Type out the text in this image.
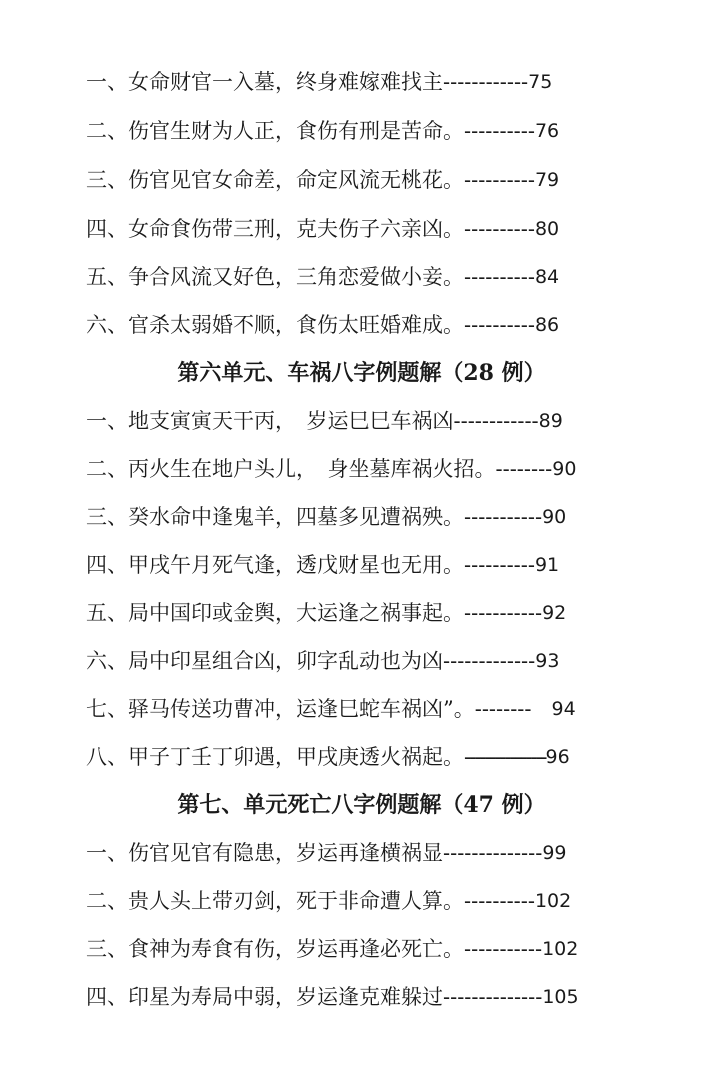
一、 女命财官一入墓，终身难嫁难找主 ------------ 75
二、 伤官生财为人正，食伤有刑是苦命。 ---------- 76
三、 伤官见官女命差，命定风流无桃花。 ---------- 79
四、 女命食伤带三刑，克夫伤子六亲凶。 ---------- 80
五、 争合风流又好色，三角恋爱做小妾。 ---------- 84
六、 官杀太弱婚不顺，食伤太旺婚难成。 ---------- 86
第六单元、车祸八字例题解（28 例）
一、 地支寅寅天干丙，　岁运巳巳车祸凶 ------------ 89
二、 丙火生在地户头儿，　身坐墓库祸火招。 -------- 90
三、 癸水命中逢鬼羊，四墓多见遭祸殃。 ----------- 90
四、 甲戌午月死气逢，透戊财星也无用。 ---------- 91
五、 局中国印或金舆，大运逢之祸事起。 ----------- 92
六、 局中印星组合凶，卯字乱动也为凶 ------------- 93
七、 驿马传送功曹冲，运逢巳蛇车祸凶”。 -------- 94
八、 甲子丁壬丁卯遇，甲戌庚透火祸起。 ---------------- 96
第七、单元死亡八字例题解（47 例）
一、 伤官见官有隐患，岁运再逢横祸显 -------------- 99
二、 贵人头上带刃剑，死于非命遭人算。 ---------- 102
三、 食神为寿食有伤，岁运再逢必死亡。 ----------- 102
四、 印星为寿局中弱，岁运逢克难躲过 -------------- 105
